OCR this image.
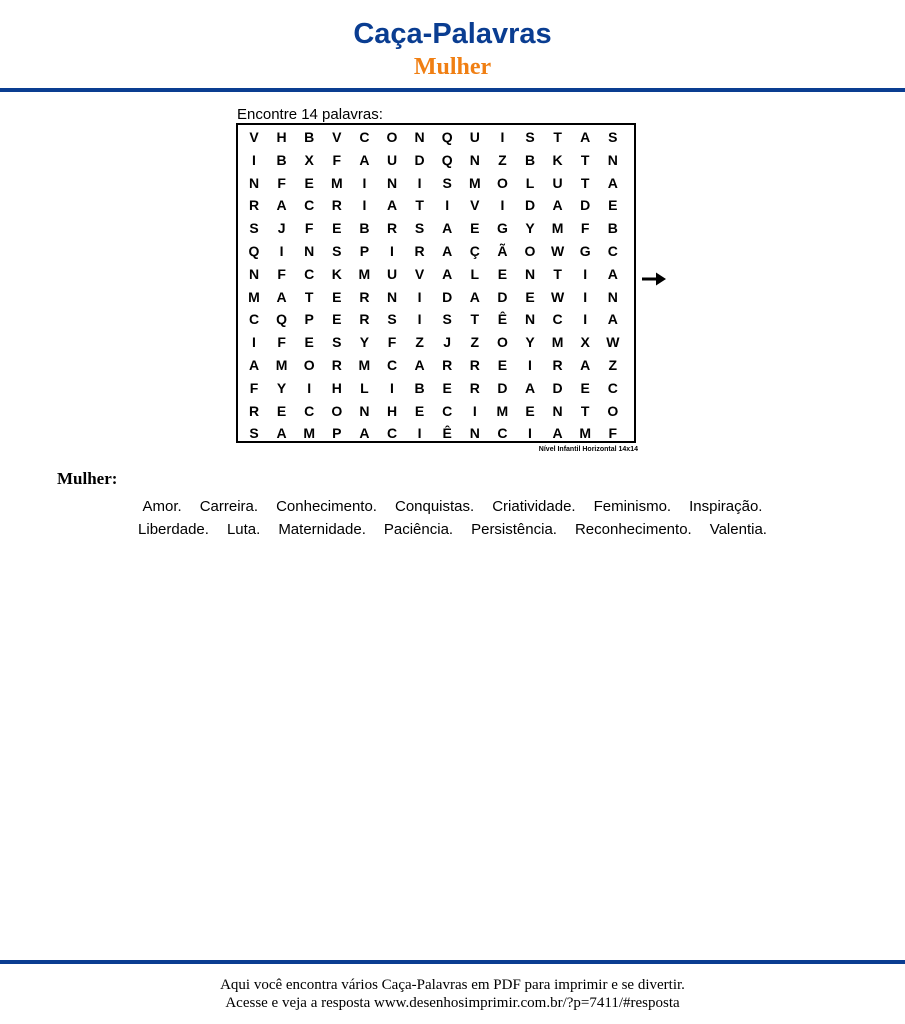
Caça-Palavras
Mulher
Encontre 14 palavras:
V	H	B	V	C	O	N	Q	U	I	S	T	A	S
I	B	X	F	A	U	D	Q	N	Z	B	K	T	N
N	F	E	M	I	N	I	S	M	O	L	U	T	A
R	A	C	R	I	A	T	I	V	I	D	A	D	E
S	J	F	E	B	R	S	A	E	G	Y	M	F	B
Q	I	N	S	P	I	R	A	Ç	Ã	O	W	G	C
N	F	C	K	M	U	V	A	L	E	N	T	I	A
M	A	T	E	R	N	I	D	A	D	E	W	I	N
C	Q	P	E	R	S	I	S	T	Ê	N	C	I	A
I	F	E	S	Y	F	Z	J	Z	O	Y	M	X	W
A	M	O	R	M	C	A	R	R	E	I	R	A	Z
F	Y	I	H	L	I	B	E	R	D	A	D	E	C
R	E	C	O	N	H	E	C	I	M	E	N	T	O
S	A	M	P	A	C	I	Ê	N	C	I	A	M	F
Nível Infantil Horizontal 14x14
Mulher:
Amor. Carreira. Conhecimento. Conquistas. Criatividade. Feminismo. Inspiração.
Liberdade. Luta. Maternidade. Paciência. Persistência. Reconhecimento. Valentia.
Aqui você encontra vários Caça-Palavras em PDF para imprimir e se divertir.
Acesse e veja a resposta www.desenhosimprimir.com.br/?p=7411/#resposta
